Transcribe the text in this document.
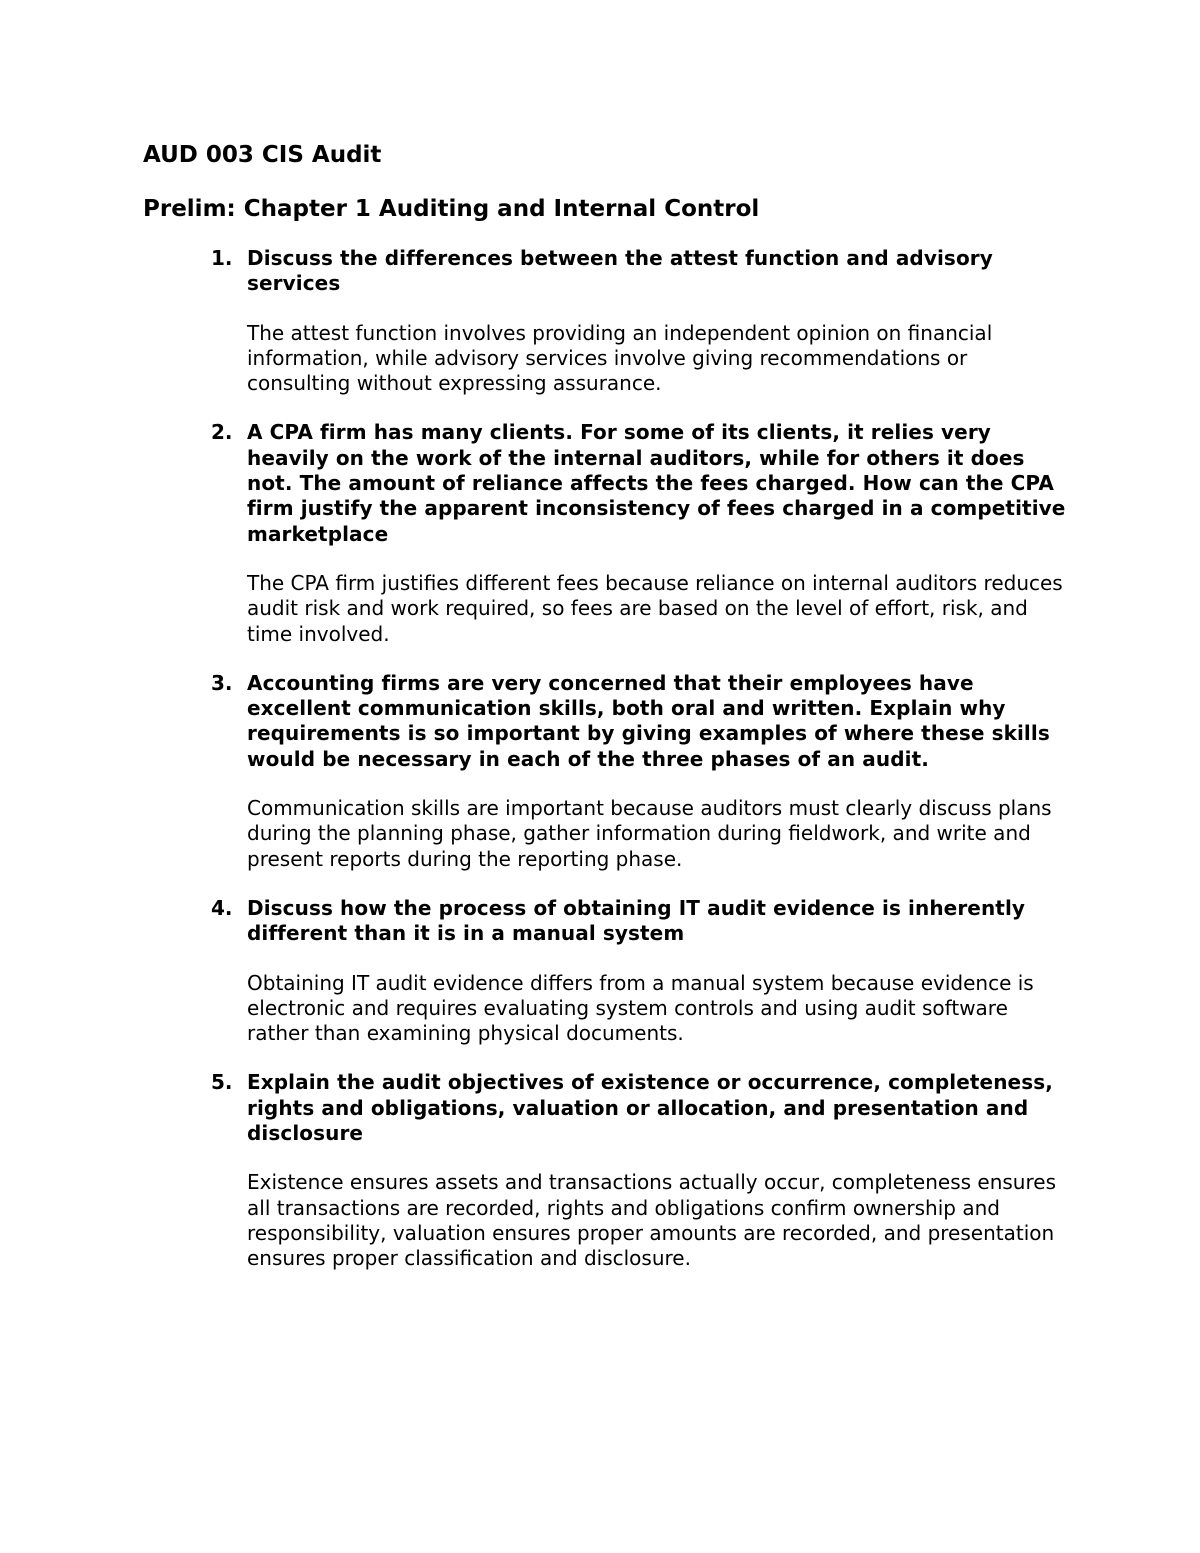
AUD 003 CIS Audit
Prelim: Chapter 1 Auditing and Internal Control
1. Discuss the differences between the attest function and advisory services

The attest function involves providing an independent opinion on financial information, while advisory services involve giving recommendations or consulting without expressing assurance.

2. A CPA firm has many clients. For some of its clients, it relies very heavily on the work of the internal auditors, while for others it does not. The amount of reliance affects the fees charged. How can the CPA firm justify the apparent inconsistency of fees charged in a competitive marketplace

The CPA firm justifies different fees because reliance on internal auditors reduces audit risk and work required, so fees are based on the level of effort, risk, and time involved.

3. Accounting firms are very concerned that their employees have excellent communication skills, both oral and written. Explain why requirements is so important by giving examples of where these skills would be necessary in each of the three phases of an audit.

Communication skills are important because auditors must clearly discuss plans during the planning phase, gather information during fieldwork, and write and present reports during the reporting phase.

4. Discuss how the process of obtaining IT audit evidence is inherently different than it is in a manual system

Obtaining IT audit evidence differs from a manual system because evidence is electronic and requires evaluating system controls and using audit software rather than examining physical documents.

5. Explain the audit objectives of existence or occurrence, completeness, rights and obligations, valuation or allocation, and presentation and disclosure

Existence ensures assets and transactions actually occur, completeness ensures all transactions are recorded, rights and obligations confirm ownership and responsibility, valuation ensures proper amounts are recorded, and presentation ensures proper classification and disclosure.
